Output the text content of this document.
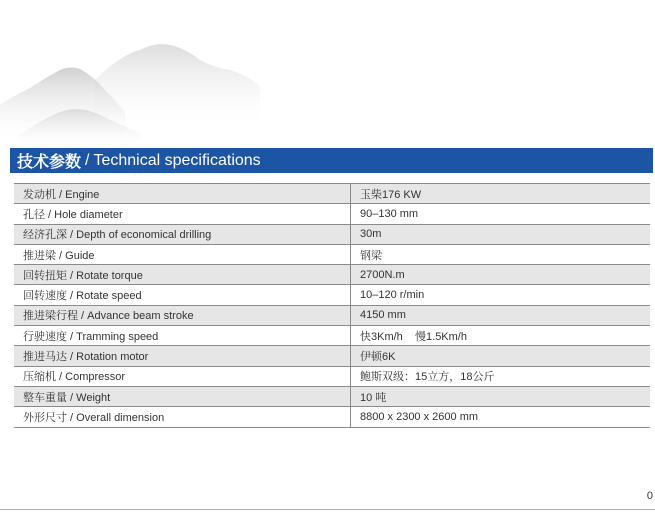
技术参数 / Technical specifications
发动机 / Engine	玉柴176 KW
孔径 / Hole diameter	90–130 mm
经济孔深 / Depth of economical drilling	30m
推进梁 / Guide	钢梁
回转扭矩 / Rotate torque	2700N.m
回转速度 / Rotate speed	10–120 r/min
推进梁行程 / Advance beam stroke	4150 mm
行驶速度 / Tramming speed	快3Km/h    慢1.5Km/h
推进马达 / Rotation motor	伊顿6K
压缩机 / Compressor	鲍斯双级：15立方，18公斤
整车重量 / Weight	10 吨
外形尺寸 / Overall dimension	8800 x 2300 x 2600 mm
0
